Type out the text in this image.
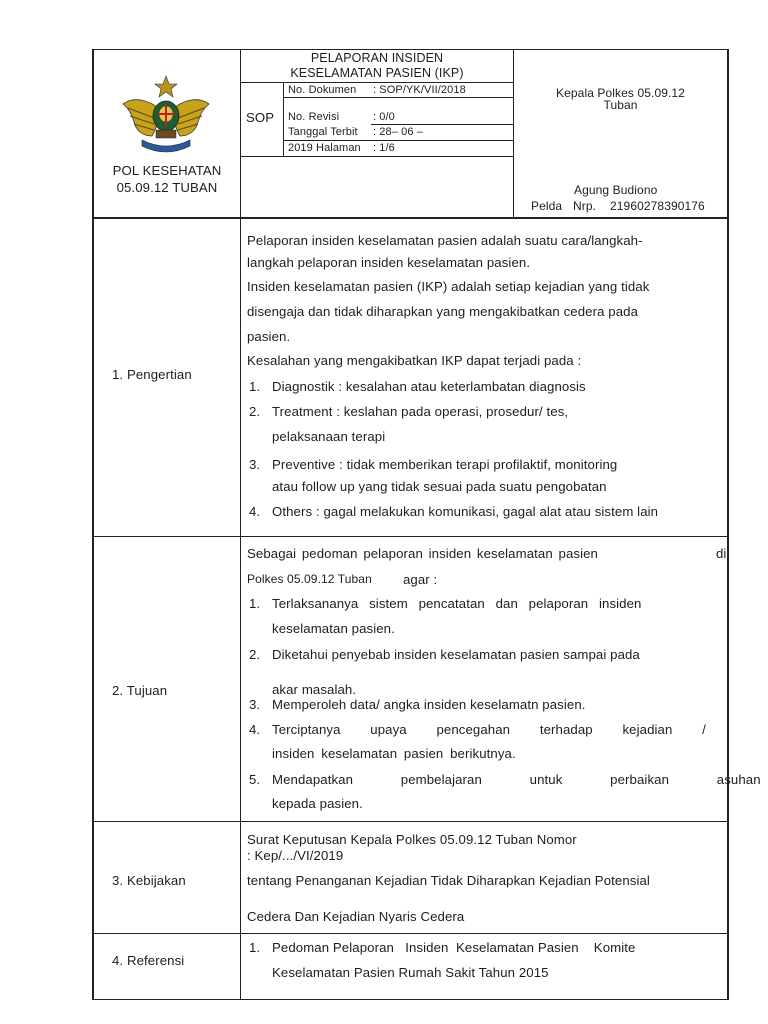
PELAPORAN INSIDEN
KESELAMATAN PASIEN (IKP)
SOP
No. Dokumen : SOP/YK/VII/2018
No. Revisi	: 0/0
Tanggal Terbit : 28– 06 –
2019 Halaman : 1/6
POL KESEHATAN
05.09.12 TUBAN
Kepala Polkes 05.09.12
Tuban
Agung Budiono
Pelda Nrp. 21960278390176
1. Pengertian
Pelaporan insiden keselamatan pasien adalah suatu cara/langkah-
langkah pelaporan insiden keselamatan pasien.
Insiden keselamatan pasien (IKP) adalah setiap kejadian yang tidak
disengaja dan tidak diharapkan yang mengakibatkan cedera pada
pasien.
Kesalahan yang mengakibatkan IKP dapat terjadi pada :
1. Diagnostik : kesalahan atau keterlambatan diagnosis
2. Treatment : keslahan pada operasi, prosedur/ tes,
pelaksanaan terapi
3. Preventive : tidak memberikan terapi profilaktif, monitoring
atau follow up yang tidak sesuai pada suatu pengobatan
4. Others : gagal melakukan komunikasi, gagal alat atau sistem lain
2. Tujuan
Sebagai pedoman pelaporan insiden keselamatan pasien	di
Polkes 05.09.12 Tuban agar :
1. Terlaksananya sistem pencatatan dan pelaporan insiden
keselamatan pasien.
2. Diketahui penyebab insiden keselamatan pasien sampai pada
akar masalah.
3. Memperoleh data/ angka insiden keselamatn pasien.
4. Terciptanya upaya pencegahan terhadap kejadian /
insiden keselamatan pasien berikutnya.
5. Mendapatkan pembelajaran untuk perbaikan asuhan
kepada pasien.
3. Kebijakan
Surat Keputusan Kepala Polkes 05.09.12 Tuban Nomor
: Kep/.../VI/2019
tentang Penanganan Kejadian Tidak Diharapkan Kejadian Potensial
Cedera Dan Kejadian Nyaris Cedera
4. Referensi
1. Pedoman Pelaporan   Insiden  Keselamatan Pasien    Komite
Keselamatan Pasien Rumah Sakit Tahun 2015
